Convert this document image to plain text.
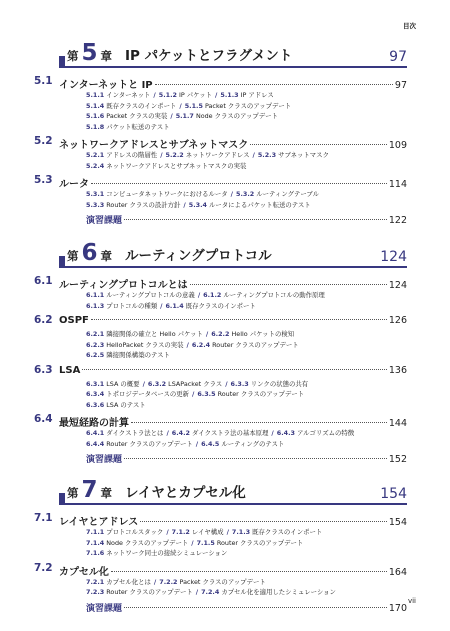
目次
第 5 章 IP パケットとフラグメント	97
5.1 インターネットと IP	97
5.1.1 インターネット / 5.1.2 IP パケット / 5.1.3 IP アドレス
5.1.4 既存クラスのインポート / 5.1.5 Packet クラスのアップデート
5.1.6 Packet クラスの実装 / 5.1.7 Node クラスのアップデート
5.1.8 パケット転送のテスト
5.2 ネットワークアドレスとサブネットマスク	109
5.2.1 アドレスの階層性 / 5.2.2 ネットワークアドレス / 5.2.3 サブネットマスク
5.2.4 ネットワークアドレスとサブネットマスクの実装
5.3 ルータ	114
5.3.1 コンピュータネットワークにおけるルータ / 5.3.2 ルーティングテーブル
5.3.3 Router クラスの設計方針 / 5.3.4 ルータによるパケット転送のテスト
演習課題	122
第 6 章 ルーティングプロトコル	124
6.1 ルーティングプロトコルとは	124
6.1.1 ルーティングプロトコルの意義 / 6.1.2 ルーティングプロトコルの動作原理
6.1.3 プロトコルの種類 / 6.1.4 既存クラスのインポート
6.2 OSPF	126
6.2.1 隣接関係の確立と Hello パケット / 6.2.2 Hello パケットの検知
6.2.3 HelloPacket クラスの実装 / 6.2.4 Router クラスのアップデート
6.2.5 隣接関係構築のテスト
6.3 LSA	136
6.3.1 LSA の概要 / 6.3.2 LSAPacket クラス / 6.3.3 リンクの状態の共有
6.3.4 トポロジデータベースの更新 / 6.3.5 Router クラスのアップデート
6.3.6 LSA のテスト
6.4 最短経路の計算	144
6.4.1 ダイクストラ法とは / 6.4.2 ダイクストラ法の基本原理 / 6.4.3 アルゴリズムの特徴
6.4.4 Router クラスのアップデート / 6.4.5 ルーティングのテスト
演習課題	152
第 7 章 レイヤとカプセル化	154
7.1 レイヤとアドレス	154
7.1.1 プロトコルスタック / 7.1.2 レイヤ構成 / 7.1.3 既存クラスのインポート
7.1.4 Node クラスのアップデート / 7.1.5 Router クラスのアップデート
7.1.6 ネットワーク同士の接続シミュレーション
7.2 カプセル化	164
7.2.1 カプセル化とは / 7.2.2 Packet クラスのアップデート
7.2.3 Router クラスのアップデート / 7.2.4 カプセル化を適用したシミュレーション
演習課題	170
vii
